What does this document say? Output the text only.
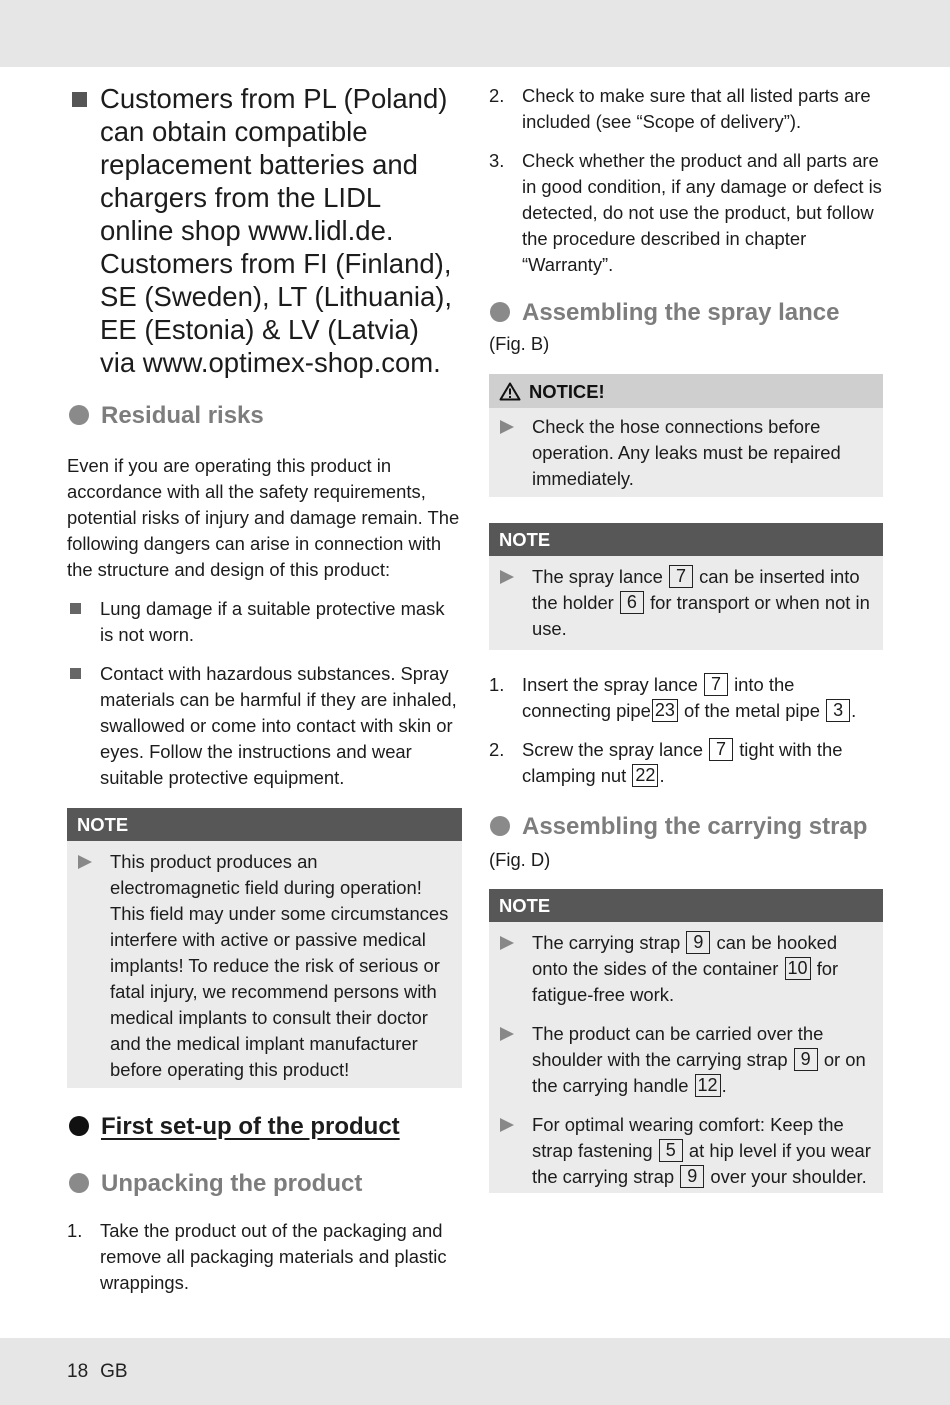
Customers from PL (Poland) can obtain compatible replacement batteries and chargers from the LIDL online shop www.lidl.de. Customers from FI (Finland), SE (Sweden), LT (Lithuania), EE (Estonia) & LV (Latvia) via www.optimex-shop.com.
Residual risks

Even if you are operating this product in accordance with all the safety requirements, potential risks of injury and damage remain. The following dangers can arise in connection with the structure and design of this product:

Lung damage if a suitable protective mask is not worn.
Contact with hazardous substances. Spray materials can be harmful if they are inhaled, swallowed or come into contact with skin or eyes. Follow the instructions and wear suitable protective equipment.
NOTE
This product produces an electromagnetic field during operation! This field may under some circumstances interfere with active or passive medical implants! To reduce the risk of serious or fatal injury, we recommend persons with medical implants to consult their doctor and the medical implant manufacturer before operating this product!
First set-up of the product
Unpacking the product
1. Take the product out of the packaging and remove all packaging materials and plastic wrappings.
2. Check to make sure that all listed parts are included (see “Scope of delivery”).
3. Check whether the product and all parts are in good condition, if any damage or defect is detected, do not use the product, but follow the procedure described in chapter “Warranty”.
Assembling the spray lance

(Fig. B)

NOTICE!
Check the hose connections before operation. Any leaks must be repaired immediately.
NOTE
The spray lance 7 can be inserted into the holder 6 for transport or when not in use.
1. Insert the spray lance 7 into the connecting pipe 23 of the metal pipe 3 .
2. Screw the spray lance 7 tight with the clamping nut 22 .
Assembling the carrying strap

(Fig. D)

NOTE
The carrying strap 9 can be hooked onto the sides of the container 10 for fatigue-free work.
The product can be carried over the shoulder with the carrying strap 9 or on the carrying handle 12 .
For optimal wearing comfort: Keep the strap fastening 5 at hip level if you wear the carrying strap 9 over your shoulder.
18 GB
